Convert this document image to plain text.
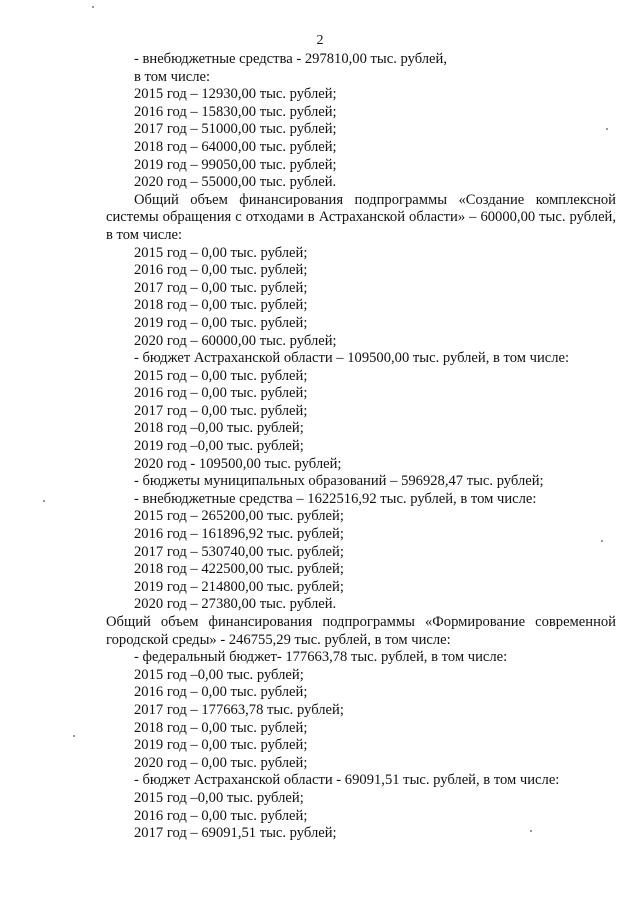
2
- внебюджетные средства - 297810,00 тыс. рублей,
в том числе:
2015 год – 12930,00 тыс. рублей;
2016 год – 15830,00 тыс. рублей;
2017 год – 51000,00 тыс. рублей;
2018 год – 64000,00 тыс. рублей;
2019 год – 99050,00 тыс. рублей;
2020 год – 55000,00 тыс. рублей.
Общий объем финансирования подпрограммы «Создание комплексной системы обращения с отходами в Астраханской области» – 60000,00 тыс. рублей, в том числе:
2015 год – 0,00 тыс. рублей;
2016 год – 0,00 тыс. рублей;
2017 год – 0,00 тыс. рублей;
2018 год – 0,00 тыс. рублей;
2019 год – 0,00 тыс. рублей;
2020 год – 60000,00 тыс. рублей;
- бюджет Астраханской области – 109500,00 тыс. рублей, в том числе:
2015 год – 0,00 тыс. рублей;
2016 год – 0,00 тыс. рублей;
2017 год – 0,00 тыс. рублей;
2018 год –0,00 тыс. рублей;
2019 год –0,00 тыс. рублей;
2020 год - 109500,00 тыс. рублей;
- бюджеты муниципальных образований – 596928,47 тыс. рублей;
- внебюджетные средства – 1622516,92 тыс. рублей, в том числе:
2015 год – 265200,00 тыс. рублей;
2016 год – 161896,92 тыс. рублей;
2017 год – 530740,00 тыс. рублей;
2018 год – 422500,00 тыс. рублей;
2019 год – 214800,00 тыс. рублей;
2020 год – 27380,00 тыс. рублей.
Общий объем финансирования подпрограммы «Формирование современной городской среды» - 246755,29 тыс. рублей, в том числе:
- федеральный бюджет- 177663,78 тыс. рублей, в том числе:
2015 год –0,00 тыс. рублей;
2016 год – 0,00 тыс. рублей;
2017 год – 177663,78 тыс. рублей;
2018 год – 0,00 тыс. рублей;
2019 год – 0,00 тыс. рублей;
2020 год – 0,00 тыс. рублей;
- бюджет Астраханской области - 69091,51 тыс. рублей, в том числе:
2015 год –0,00 тыс. рублей;
2016 год – 0,00 тыс. рублей;
2017 год – 69091,51 тыс. рублей;
